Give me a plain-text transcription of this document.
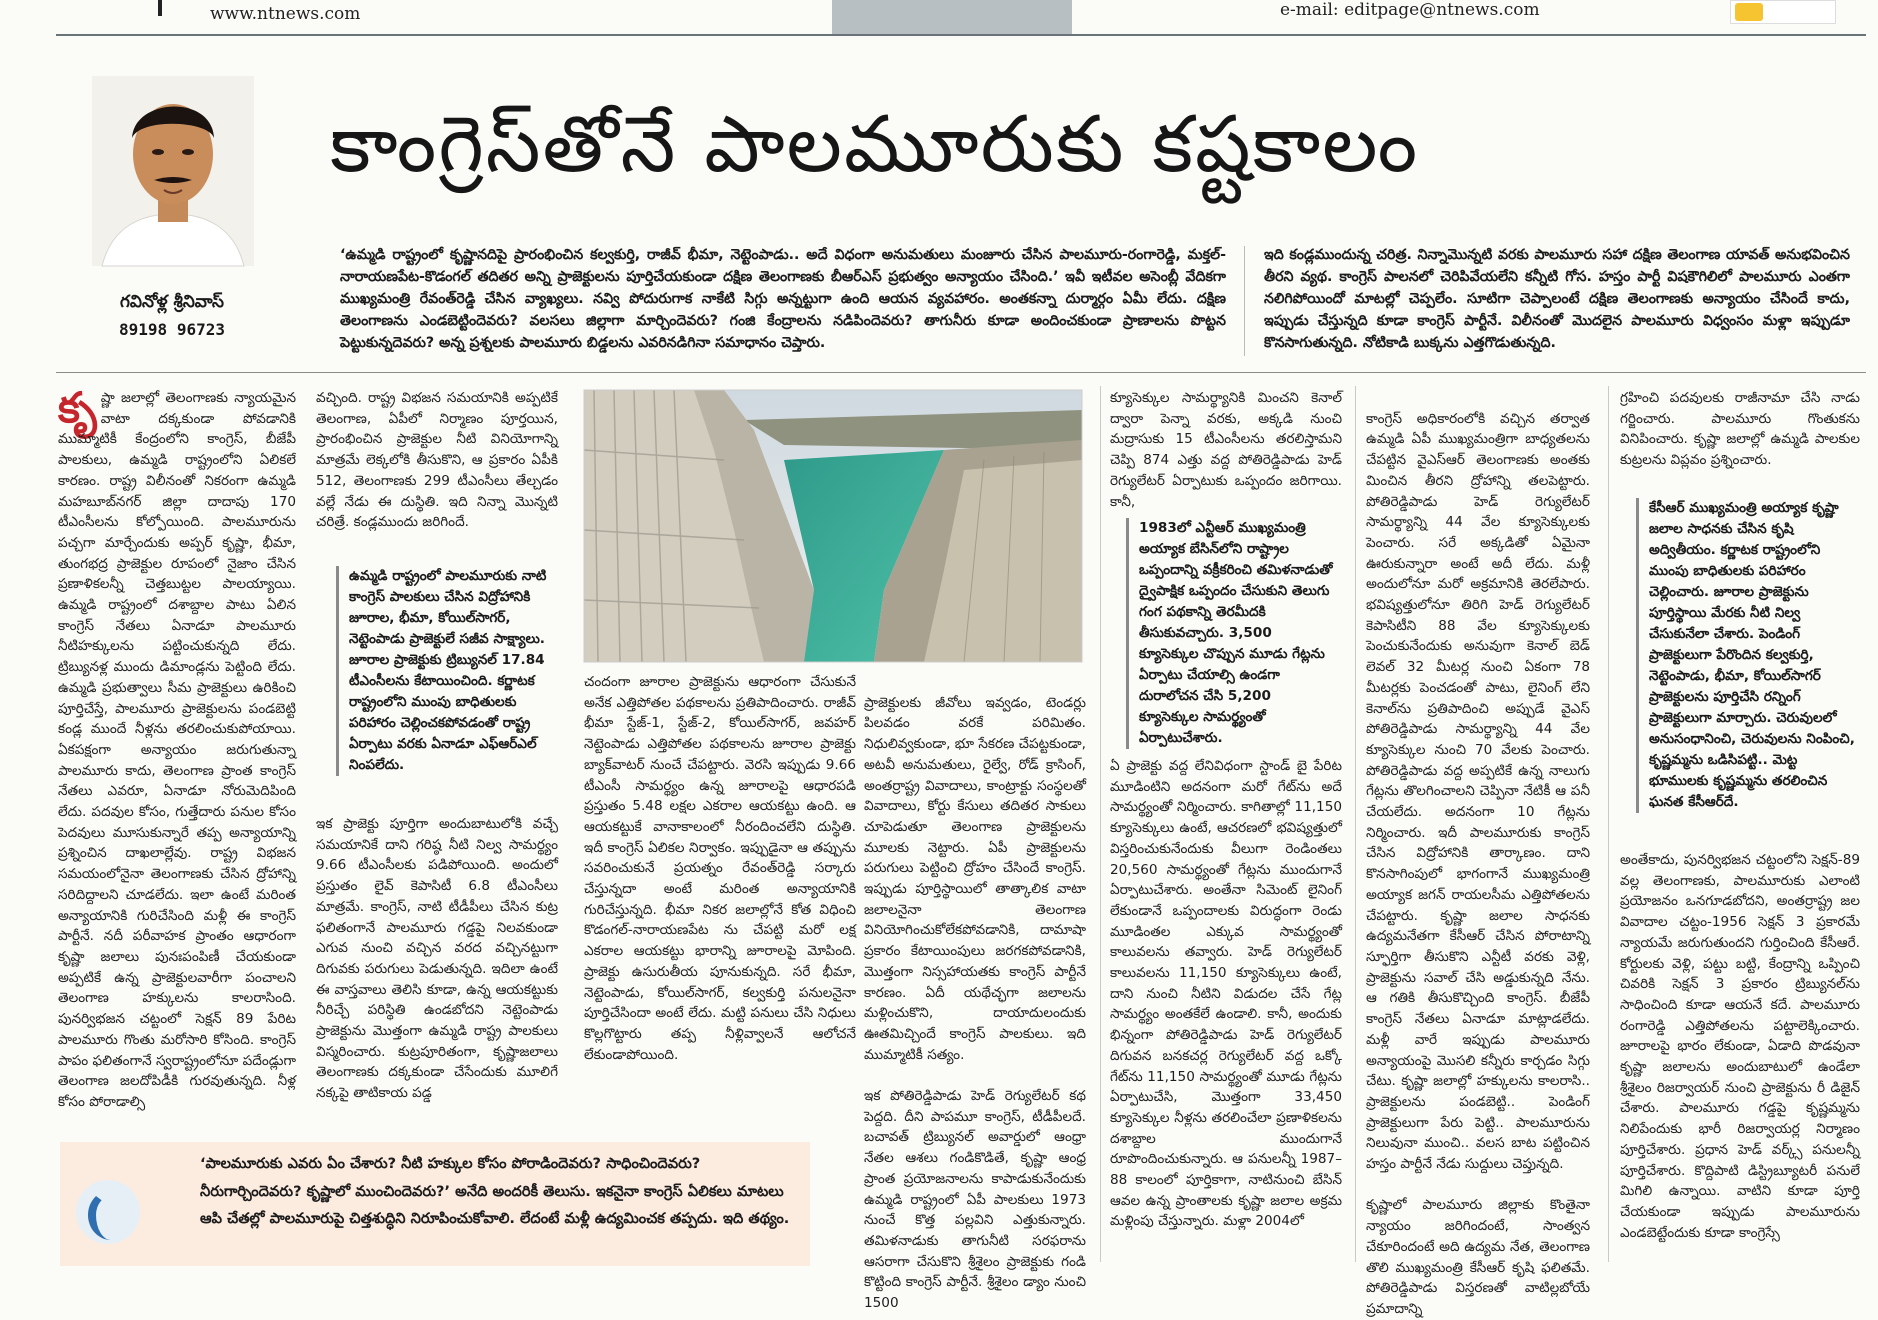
www.ntnews.com	e-mail: editpage@ntnews.com
గవినోళ్ల శ్రీనివాస్
89198 96723
కాంగ్రెస్‌తోనే పాలమూరుకు కష్టకాలం
‘ఉమ్మడి రాష్ట్రంలో కృష్ణానదిపై ప్రారంభించిన కల్వకుర్తి, రాజీవ్ భీమా, నెట్టెంపాడు.. అదే విధంగా అనుమతులు మంజూరు చేసిన పాలమూరు-రంగారెడ్డి, మక్తల్-నారాయణపేట-కొడంగల్ తదితర అన్ని ప్రాజెక్టులను పూర్తిచేయకుండా దక్షిణ తెలంగాణకు బీఆర్ఎస్ ప్రభుత్వం అన్యాయం చేసింది.’ ఇవీ ఇటీవల అసెంబ్లీ వేదికగా ముఖ్యమంత్రి రేవంత్‌రెడ్డి చేసిన వ్యాఖ్యలు. నవ్వి పోదురుగాక నాకేటి సిగ్గు అన్నట్టుగా ఉంది ఆయన వ్యవహారం. అంతకన్నా దుర్మార్గం ఏమీ లేదు. దక్షిణ తెలంగాణను ఎండబెట్టిందెవరు? వలసలు జిల్లాగా మార్చిందెవరు? గంజి కేంద్రాలను నడిపిందెవరు? తాగునీరు కూడా అందించకుండా ప్రాణాలను పొట్టన పెట్టుకున్నదెవరు? అన్న ప్రశ్నలకు పాలమూరు బిడ్డలను ఎవరినడిగినా సమాధానం చెప్తారు.
ఇది కండ్లముందున్న చరిత్ర. నిన్నామొన్నటి వరకు పాలమూరు సహా దక్షిణ తెలంగాణ యావత్ అనుభవించిన తీరని వ్యథ. కాంగ్రెస్ పాలనలో చెరిపివేయలేని కన్నీటి గోస. హస్తం పార్టీ విషకౌగిలిలో పాలమూరు ఎంతగా నలిగిపోయిందో మాటల్లో చెప్పలేం. సూటిగా చెప్పాలంటే దక్షిణ తెలంగాణకు అన్యాయం చేసిందే కాదు, ఇప్పుడు చేస్తున్నది కూడా కాంగ్రెస్ పార్టీనే. విలీనంతో మొదలైన పాలమూరు విధ్వంసం మళ్లా ఇప్పుడూ కొనసాగుతున్నది. నోటికాడి బుక్కను ఎత్తగొడుతున్నది.
కృ ష్ణా జలాల్లో తెలంగాణకు న్యాయమైన వాటా దక్కకుండా పోవడానికి ముమ్మాటికీ కేంద్రంలోని కాంగ్రెస్, బీజేపీ పాలకులు, ఉమ్మడి రాష్ట్రంలోని ఏలికలే కారణం. రాష్ట్ర విలీనంతో నికరంగా ఉమ్మడి మహబూబ్‌నగర్ జిల్లా దాదాపు 170 టీఎంసీలను కోల్పోయింది. పాలమూరును పచ్చగా మార్చేందుకు అప్పర్ కృష్ణా, భీమా, తుంగభద్ర ప్రాజెక్టుల రూపంలో నైజాం చేసిన ప్రణాళికలన్నీ చెత్తబుట్టల పాలయ్యాయి. ఉమ్మడి రాష్ట్రంలో దశాబ్దాల పాటు ఏలిన కాంగ్రెస్ నేతలు ఏనాడూ పాలమూరు నీటిహక్కులను పట్టించుకున్నది లేదు. ట్రిబ్యునళ్ల ముందు డిమాండ్లను పెట్టింది లేదు. ఉమ్మడి ప్రభుత్వాలు సీమ ప్రాజెక్టులు ఉరికించి పూర్తిచేస్తే, పాలమూరు ప్రాజెక్టులను పండబెట్టి కండ్ల ముందే నీళ్లను తరలించుకుపోయాయి. ఏకపక్షంగా అన్యాయం జరుగుతున్నా పాలమూరు కాదు, తెలంగాణ ప్రాంత కాంగ్రెస్ నేతలు ఎవరూ, ఏనాడూ నోరుమెదిపింది లేదు. పదవుల కోసం, గుత్తేదారు పనుల కోసం పెదవులు మూసుకున్నారే తప్ప అన్యాయాన్ని ప్రశ్నించిన దాఖలాల్లేవు. రాష్ట్ర విభజన సమయంలోనైనా తెలంగాణకు చేసిన ద్రోహాన్ని సరిదిద్దాలని చూడలేదు. ఇలా ఉంటే మరింత అన్యాయానికి గురిచేసింది మళ్లీ ఈ కాంగ్రెస్ పార్టీనే. నదీ పరీవాహక ప్రాంతం ఆధారంగా కృష్ణా జలాలు పునఃపంపిణీ చేయకుండా అప్పటికే ఉన్న ప్రాజెక్టులవారీగా పంచాలని తెలంగాణ హక్కులను కాలరాసింది. పునర్విభజన చట్టంలో సెక్షన్ 89 పేరిట పాలమూరు గొంతు మరోసారి కోసింది. కాంగ్రెస్ పాపం ఫలితంగానే స్వరాష్ట్రంలోనూ పదేండ్లుగా తెలంగాణ జలదోపిడీకి గురవుతున్నది. నీళ్ల కోసం పోరాడాల్సి
వచ్చింది. రాష్ట్ర విభజన సమయానికి అప్పటికే తెలంగాణ, ఏపీలో నిర్మాణం పూర్తయిన, ప్రారంభించిన ప్రాజెక్టుల నీటి వినియోగాన్ని మాత్రమే లెక్కలోకి తీసుకొని, ఆ ప్రకారం ఏపీకి 512, తెలంగాణకు 299 టీఎంసీలు తేల్చడం వల్లే నేడు ఈ దుస్థితి. ఇది నిన్నా మొన్నటి చరిత్రే. కండ్లముందు జరిగిందే.
ఉమ్మడి రాష్ట్రంలో పాలమూరుకు నాటి కాంగ్రెస్ పాలకులు చేసిన విద్రోహానికి జూరాల, భీమా, కోయిల్‌సాగర్, నెట్టెంపాడు ప్రాజెక్టులే సజీవ సాక్ష్యాలు. జూరాల ప్రాజెక్టుకు ట్రిబ్యునల్ 17.84 టీఎంసీలను కేటాయించింది. కర్ణాటక రాష్ట్రంలోని ముంపు బాధితులకు పరిహారం చెల్లించకపోవడంతో రాష్ట్ర ఏర్పాటు వరకు ఏనాడూ ఎఫ్‌ఆర్‌ఎల్ నింపలేదు.
ఇక ప్రాజెక్టు పూర్తిగా అందుబాటులోకి వచ్చే సమయానికే దాని గరిష్ఠ నీటి నిల్వ సామర్థ్యం 9.66 టీఎంసీలకు పడిపోయింది. అందులో ప్రస్తుతం లైవ్ కెపాసిటీ 6.8 టీఎంసీలు మాత్రమే. కాంగ్రెస్, నాటి టీడీపీలు చేసిన కుట్ర ఫలితంగానే పాలమూరు గడ్డపై నిలవకుండా ఎగువ నుంచి వచ్చిన వరద వచ్చినట్టుగా దిగువకు పరుగులు పెడుతున్నది. ఇదిలా ఉంటే ఈ వాస్తవాలు తెలిసి కూడా, ఉన్న ఆయకట్టుకు నీరిచ్చే పరిస్థితి ఉండబోదని నెట్టెంపాడు ప్రాజెక్టును మొత్తంగా ఉమ్మడి రాష్ట్ర పాలకులు విస్మరించారు. కుట్రపూరితంగా, కృష్ణాజలాలు తెలంగాణకు దక్కకుండా చేసేందుకు మూలిగే నక్కపై తాటికాయ పడ్డ
చందంగా జూరాల ప్రాజెక్టును ఆధారంగా చేసుకునే అనేక ఎత్తిపోతల పథకాలను ప్రతిపాదించారు. రాజీవ్ భీమా స్టేజ్-1, స్టేజ్-2, కోయిల్‌సాగర్, జవహర్ నెట్టెంపాడు ఎత్తిపోతల పథకాలను జూరాల ప్రాజెక్టు బ్యాక్‌వాటర్ నుంచే చేపట్టారు. వెరసి ఇప్పుడు 9.66 టీఎంసీ సామర్థ్యం ఉన్న జూరాలపై ఆధారపడి ప్రస్తుతం 5.48 లక్షల ఎకరాల ఆయకట్టు ఉంది. ఆ ఆయకట్టుకే వానాకాలంలో నీరందించలేని దుస్థితి. ఇదీ కాంగ్రెస్ ఏలికల నిర్వాకం. ఇప్పుడైనా ఆ తప్పును సవరించుకునే ప్రయత్నం రేవంత్‌రెడ్డి సర్కారు చేస్తున్నదా అంటే మరింత అన్యాయానికి గురిచేస్తున్నది. భీమా నికర జలాల్లోనే కోత విధించి కొడంగల్-నారాయణపేట ను చేపట్టి మరో లక్ష ఎకరాల ఆయకట్టు భారాన్ని జూరాలపై మోపింది. ప్రాజెక్టు ఉసురుతీయ పూనుకున్నది. సరే భీమా, నెట్టెంపాడు, కోయిల్‌సాగర్, కల్వకుర్తి పనులనైనా పూర్తిచేసిందా అంటే లేదు. మట్టి పనులు చేసి నిధులు కొల్లగొట్టారు తప్ప నీళ్లివ్వాలనే ఆలోచనే లేకుండాపోయింది.

ప్రాజెక్టులకు జీవోలు ఇవ్వడం, టెండర్లు పిలవడం వరకే పరిమితం. నిధులివ్వకుండా, భూ సేకరణ చేపట్టకుండా, అటవీ అనుమతులు, రైల్వే, రోడ్ క్రాసింగ్, అంతర్రాష్ట్ర వివాదాలు, కాంట్రాక్టు సంస్థలతో వివాదాలు, కోర్టు కేసులు తదితర సాకులు చూపెడుతూ తెలంగాణ ప్రాజెక్టులను మూలకు నెట్టారు. ఏపీ ప్రాజెక్టులను పరుగులు పెట్టించి ద్రోహం చేసిందే కాంగ్రెస్. ఇప్పుడు పూర్తిస్థాయిలో తాత్కాలిక వాటా జలాలనైనా తెలంగాణ వినియోగించుకోలేకపోవడానికి, దామాషా ప్రకారం కేటాయింపులు జరగకపోవడానికి, మొత్తంగా నిస్సహాయతకు కాంగ్రెస్ పార్టీనే కారణం. ఏదీ యథేచ్ఛగా జలాలను మళ్లించుకొని, దాయాదులందుకు ఊతమిచ్చిందే కాంగ్రెస్ పాలకులు. ఇది ముమ్మాటికీ సత్యం.

ఇక పోతిరెడ్డిపాడు హెడ్ రెగ్యులేటర్ కథ పెద్దది. దీని పాపమూ కాంగ్రెస్, టీడీపీలదే. బచావత్ ట్రిబ్యునల్ అవార్డులో ఆంధ్రా నేతల ఆశలు గండికొడితే, కృష్ణా ఆంధ్ర ప్రాంత ప్రయోజనాలను కాపాడుకునేందుకు ఉమ్మడి రాష్ట్రంలో ఏపీ పాలకులు 1973 నుంచే కొత్త పల్లవిని ఎత్తుకున్నారు. తమిళనాడుకు తాగునీటి సరఫరాను ఆసరాగా చేసుకొని శ్రీశైలం ప్రాజెక్టుకు గండి కొట్టింది కాంగ్రెస్ పార్టీనే. శ్రీశైలం డ్యాం నుంచి 1500

క్యూసెక్కుల సామర్థ్యానికి మించని కెనాల్ ద్వారా పెన్నా వరకు, అక్కడి నుంచి మద్రాసుకు 15 టీఎంసీలను తరలిస్తామని చెప్పి 874 ఎత్తు వద్ద పోతిరెడ్డిపాడు హెడ్ రెగ్యులేటర్ ఏర్పాటుకు ఒప్పందం జరిగాయి. కానీ,
1983లో ఎన్టీఆర్ ముఖ్యమంత్రి అయ్యాక బేసిన్‌లోని రాష్ట్రాల ఒప్పందాన్ని వక్రీకరించి తమిళనాడుతో ద్వైపాక్షిక ఒప్పందం చేసుకుని తెలుగు గంగ పథకాన్ని తెరమీదకి తీసుకువచ్చారు. 3,500 క్యూసెక్కుల చొప్పున మూడు గేట్లను ఏర్పాటు చేయాల్సి ఉండగా దురాలోచన చేసి 5,200 క్యూసెక్కుల సామర్థ్యంతో ఏర్పాటుచేశారు.
ఏ ప్రాజెక్టు వద్ద లేనివిధంగా స్టాండ్ బై పేరిట మూడింటిని అదనంగా మరో గేట్‌ను అదే సామర్థ్యంతో నిర్మించారు. కాగితాల్లో 11,150 క్యూసెక్కులు ఉంటే, ఆచరణలో భవిష్యత్తులో విస్తరించుకునేందుకు వీలుగా రెండింతలు 20,560 సామర్థ్యంతో గేట్లను ముందుగానే ఏర్పాటుచేశారు. అంతేనా సిమెంట్ లైనింగ్ లేకుండానే ఒప్పందాలకు విరుద్ధంగా రెండు మూడింతల ఎక్కువ సామర్థ్యంతో కాలువలను తవ్వారు. హెడ్ రెగ్యులేటర్ కాలువలను 11,150 క్యూసెక్కులు ఉంటే, దాని నుంచి నీటిని విడుదల చేసే గేట్ల సామర్థ్యం అంతకేలే ఉండాలి. కానీ, అందుకు భిన్నంగా పోతిరెడ్డిపాడు హెడ్ రెగ్యులేటర్ దిగువన బనకచర్ల రెగ్యులేటర్ వద్ద ఒక్కో గేట్‌ను 11,150 సామర్థ్యంతో మూడు గేట్లను ఏర్పాటుచేసి, మొత్తంగా 33,450 క్యూసెక్కుల నీళ్లను తరలించేలా ప్రణాళికలను దశాబ్దాల ముందుగానే రూపొందించుకున్నారు. ఆ పనులన్నీ 1987–88 కాలంలో పూర్తికాగా, నాటినుంచి బేసిన్ ఆవల ఉన్న ప్రాంతాలకు కృష్ణా జలాల అక్రమ మళ్లింపు చేస్తున్నారు. మళ్లా 2004లో

కాంగ్రెస్ అధికారంలోకి వచ్చిన తర్వాత ఉమ్మడి ఏపీ ముఖ్యమంత్రిగా బాధ్యతలను చేపట్టిన వైఎస్ఆర్ తెలంగాణకు అంతకు మించిన తీరని ద్రోహాన్ని తలపెట్టారు. పోతిరెడ్డిపాడు హెడ్ రెగ్యులేటర్ సామర్థ్యాన్ని 44 వేల క్యూసెక్కులకు పెంచారు. సరే అక్కడితో ఏమైనా ఊరుకున్నారా అంటే అదీ లేదు. మళ్లీ అందులోనూ మరో అక్రమానికి తెరలేపారు. భవిష్యత్తులోనూ తిరిగి హెడ్ రెగ్యులేటర్ కెపాసిటీని 88 వేల క్యూసెక్కులకు పెంచుకునేందుకు అనువుగా కెనాల్ బెడ్ లెవల్ 32 మీటర్ల నుంచి ఏకంగా 78 మీటర్లకు పెంచడంతో పాటు, లైనింగ్ లేని కెనాల్‌ను ప్రతిపాదించి అప్పుడే వైఎస్ పోతిరెడ్డిపాడు సామర్థ్యాన్ని 44 వేల క్యూసెక్కుల నుంచి 70 వేలకు పెంచారు. పోతిరెడ్డిపాడు వద్ద అప్పటికే ఉన్న నాలుగు గేట్లను తొలగించాలని చెప్పినా నేటికీ ఆ పనీ చేయలేదు. అదనంగా 10 గేట్లను నిర్మించారు. ఇదీ పాలమూరుకు కాంగ్రెస్ చేసిన విద్రోహానికి తార్కాణం. దాని కొనసాగింపులో భాగంగానే ముఖ్యమంత్రి అయ్యాక జగన్ రాయలసీమ ఎత్తిపోతలను చేపట్టారు. కృష్ణా జలాల సాధనకు ఉద్యమనేతగా కేసీఆర్ చేసిన పోరాటాన్ని స్ఫూర్తిగా తీసుకొని ఎన్టీటీ వరకు వెళ్లి, ప్రాజెక్టును సవాల్ చేసి అడ్డుకున్నది నేను. ఆ గతికి తీసుకొచ్చింది కాంగ్రెస్. బీజేపీ కాంగ్రెస్ నేతలు ఏనాడూ మాట్లాడలేదు. మళ్లీ వారే ఇప్పుడు పాలమూరు అన్యాయంపై మొసలి కన్నీరు కార్చడం సిగ్గు చేటు. కృష్ణా జలాల్లో హక్కులను కాలరాసి.. ప్రాజెక్టులను పండబెట్టి.. పెండింగ్ ప్రాజెక్టులుగా పేరు పెట్టి.. పాలమూరును నిలువునా ముంచి.. వలస బాట పట్టించిన హస్తం పార్టీనే నేడు సుద్దులు చెప్తున్నది.

కృష్ణాలో పాలమూరు జిల్లాకు కొంతైనా న్యాయం జరిగిందంటే, సాంత్వన చేకూరిందంటే అది ఉద్యమ నేత, తెలంగాణ తొలి ముఖ్యమంత్రి కేసీఆర్ కృషి ఫలితమే. పోతిరెడ్డిపాడు విస్తరణతో వాటిల్లబోయే ప్రమాదాన్ని

గ్రహించి పదవులకు రాజీనామా చేసి నాడు గర్జించారు. పాలమూరు గొంతుకను వినిపించారు. కృష్ణా జలాల్లో ఉమ్మడి పాలకుల కుట్రలను విప్లవం ప్రశ్నించారు.
కేసీఆర్ ముఖ్యమంత్రి అయ్యాక కృష్ణా జలాల సాధనకు చేసిన కృషి అద్వితీయం. కర్ణాటక రాష్ట్రంలోని ముంపు బాధితులకు పరిహారం చెల్లించారు. జూరాల ప్రాజెక్టును పూర్తిస్థాయి మేరకు నీటి నిల్వ చేసుకునేలా చేశారు. పెండింగ్ ప్రాజెక్టులుగా పేరొందిన కల్వకుర్తి, నెట్టెంపాడు, భీమా, కోయిల్‌సాగర్ ప్రాజెక్టులను పూర్తిచేసి రన్నింగ్ ప్రాజెక్టులుగా మార్చారు. చెరువులలో అనుసంధానించి, చెరువులను నింపించి, కృష్ణమ్మను ఒడిసిపట్టి.. మెట్ట భూములకు కృష్ణమ్మను తరలించిన ఘనత కేసీఆర్‌దే.
అంతేకాదు, పునర్విభజన చట్టంలోని సెక్షన్-89 వల్ల తెలంగాణకు, పాలమూరుకు ఎలాంటి ప్రయోజనం ఒనగూడబోదని, అంతర్రాష్ట్ర జల వివాదాల చట్టం-1956 సెక్షన్ 3 ప్రకారమే న్యాయమే జరుగుతుందని గుర్తించింది కేసీఆరే. కోర్టులకు వెళ్లి, పట్టు బట్టి, కేంద్రాన్ని ఒప్పించి చివరికి సెక్షన్ 3 ప్రకారం ట్రిబ్యునల్‌ను సాధించింది కూడా ఆయనే కదే. పాలమూరు రంగారెడ్డి ఎత్తిపోతలను పట్టాలెక్కించారు. జూరాలపై భారం లేకుండా, ఏడాది పొడవునా కృష్ణా జలాలను అందుబాటులో ఉండేలా శ్రీశైలం రిజర్వాయర్ నుంచి ప్రాజెక్టును రీ డిజైన్ చేశారు. పాలమూరు గడ్డపై కృష్ణమ్మను నిలిపేందుకు భారీ రిజర్వాయర్ల నిర్మాణం పూర్తిచేశారు. ప్రధాన హెడ్ వర్క్స్ పనులన్నీ పూర్తిచేశారు. కొద్దిపాటి డిస్ట్రిబ్యూటరీ పనులే మిగిలి ఉన్నాయి. వాటిని కూడా పూర్తి చేయకుండా ఇప్పుడు పాలమూరును ఎండబెట్టేందుకు కూడా కాంగ్రెస్సే
‘పాలమూరుకు ఎవరు ఏం చేశారు? నీటి హక్కుల కోసం పోరాడిందెవరు? సాధించిందెవరు? నీరుగార్చిందెవరు? కృష్ణాలో ముంచిందెవరు?’ అనేది అందరికీ తెలుసు. ఇకనైనా కాంగ్రెస్ ఏలికలు మాటలు ఆపి చేతల్లో పాలమూరుపై చిత్తశుద్ధిని నిరూపించుకోవాలి. లేదంటే మళ్లీ ఉద్యమించక తప్పదు. ఇది తథ్యం.
